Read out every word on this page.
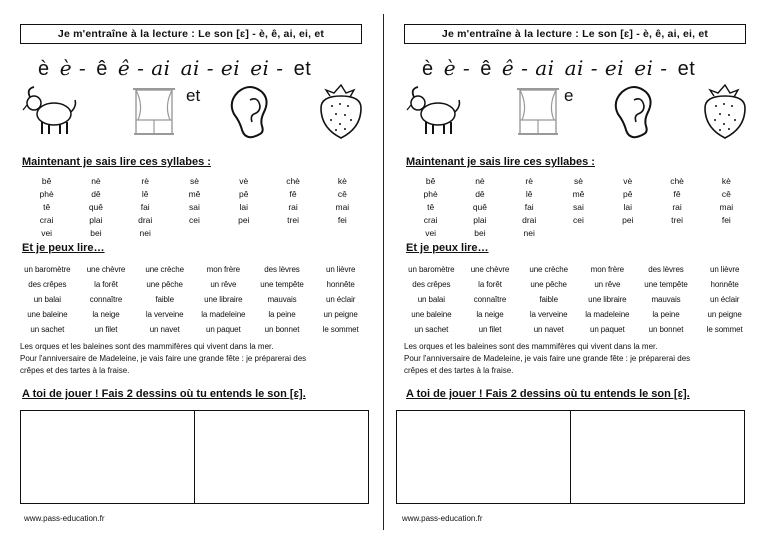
Je m'entraîne à la lecture : Le son [ɛ] - è, ê, ai, ei, et
è è - ê ê - ai ai - ei ei - et
et
Maintenant je sais lire ces syllabes :
bê	nè	rè	sè	vè	chè	kè
phè	dê	lê	mê	pê	fê	cê
tê	quê	fai	sai	lai	rai	mai
crai	plai	drai	cei	pei	trei	fei
vei	bei	nei
Et je peux lire…
un baromètre	une chèvre	une crèche	mon frère	des lèvres	un lièvre
des crêpes	la forêt	une pêche	un rêve	une tempête	honnête
un balai	connaître	faible	une libraire	mauvais	un éclair
une baleine	la neige	la verveine	la madeleine	la peine	un peigne
un sachet	un filet	un navet	un paquet	un bonnet	le sommet
Les orques et les baleines sont des mammifères qui vivent dans la mer.
Pour l'anniversaire de Madeleine, je vais faire une grande fête : je préparerai des
crêpes et des tartes à la fraise.
A toi de jouer ! Fais 2 dessins où tu entends le son [ɛ].
www.pass-education.fr
Je m'entraîne à la lecture : Le son [ɛ] - è, ê, ai, ei, et
è è - ê ê - ai ai - ei ei - et
e
Maintenant je sais lire ces syllabes :
bê	nè	rè	sè	vè	chè	kè
phè	dê	lê	mê	pê	fê	cê
tê	quê	fai	sai	lai	rai	mai
crai	plai	drai	cei	pei	trei	fei
vei	bei	nei
Et je peux lire…
un baromètre	une chèvre	une crèche	mon frère	des lèvres	un lièvre
des crêpes	la forêt	une pêche	un rêve	une tempête	honnête
un balai	connaître	faible	une libraire	mauvais	un éclair
une baleine	la neige	la verveine	la madeleine	la peine	un peigne
un sachet	un filet	un navet	un paquet	un bonnet	le sommet
Les orques et les baleines sont des mammifères qui vivent dans la mer.
Pour l'anniversaire de Madeleine, je vais faire une grande fête : je préparerai des
crêpes et des tartes à la fraise.
A toi de jouer ! Fais 2 dessins où tu entends le son [ɛ].
www.pass-education.fr
